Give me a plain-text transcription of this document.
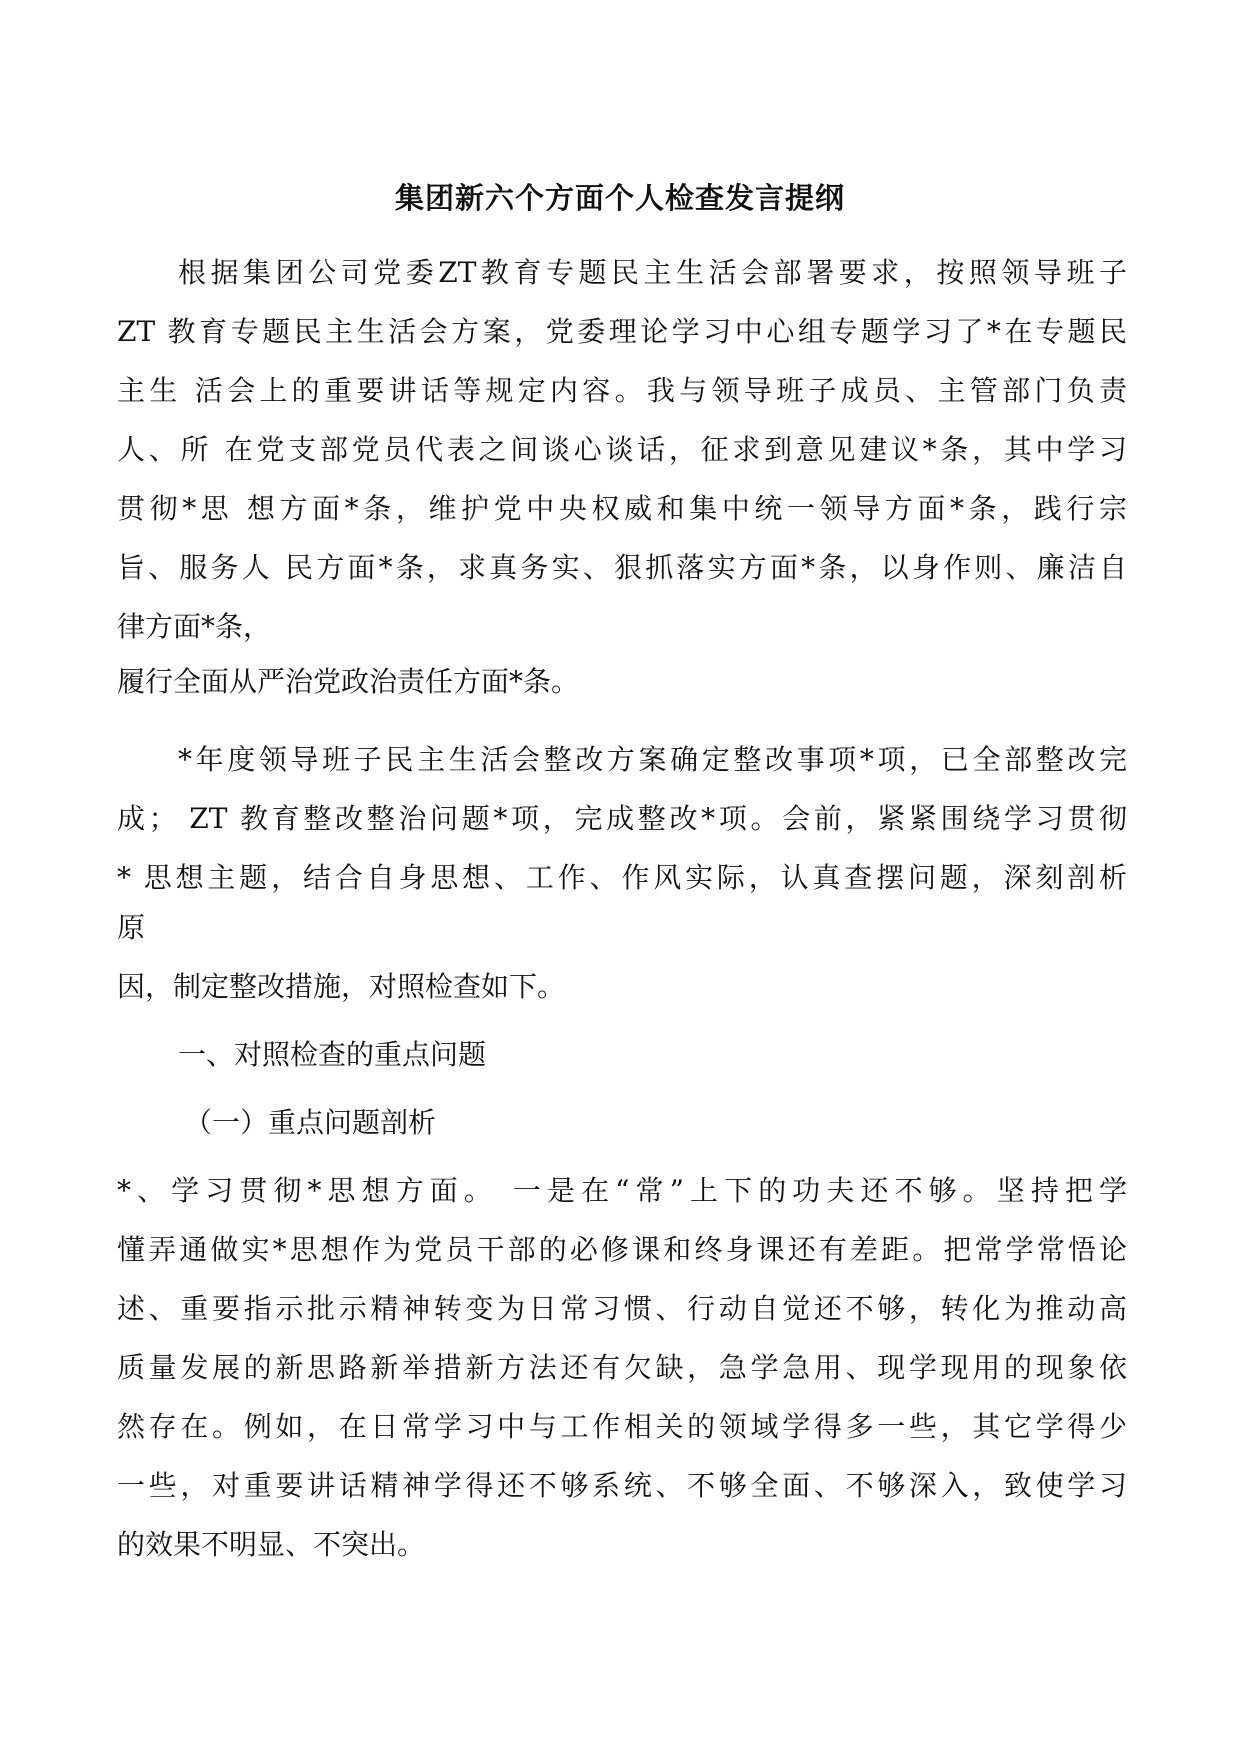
集团新六个方面个人检查发言提纲
根据集团公司党委ZT教育专题民主生活会部署要求，按照领导班子
ZT 教育专题民主生活会方案，党委理论学习中心组专题学习了*在专题民
主生 活会上的重要讲话等规定内容。我与领导班子成员、主管部门负责
人、所 在党支部党员代表之间谈心谈话，征求到意见建议*条，其中学习
贯彻*思 想方面*条，维护党中央权威和集中统一领导方面*条，践行宗
旨、服务人 民方面*条，求真务实、狠抓落实方面*条，以身作则、廉洁自
律方面*条，
履行全面从严治党政治责任方面*条。
*年度领导班子民主生活会整改方案确定整改事项*项，已全部整改完
成； ZT 教育整改整治问题*项，完成整改*项。会前，紧紧围绕学习贯彻
* 思想主题，结合自身思想、工作、作风实际，认真查摆问题，深刻剖析
原
因，制定整改措施，对照检查如下。
一、对照检查的重点问题
（一）重点问题剖析
*、学习贯彻*思想方面。 一是在“常”上下的功夫还不够。坚持把学
懂弄通做实*思想作为党员干部的必修课和终身课还有差距。把常学常悟论
述、重要指示批示精神转变为日常习惯、行动自觉还不够，转化为推动高
质量发展的新思路新举措新方法还有欠缺，急学急用、现学现用的现象依
然存在。例如，在日常学习中与工作相关的领域学得多一些，其它学得少
一些，对重要讲话精神学得还不够系统、不够全面、不够深入，致使学习
的效果不明显、不突出。
